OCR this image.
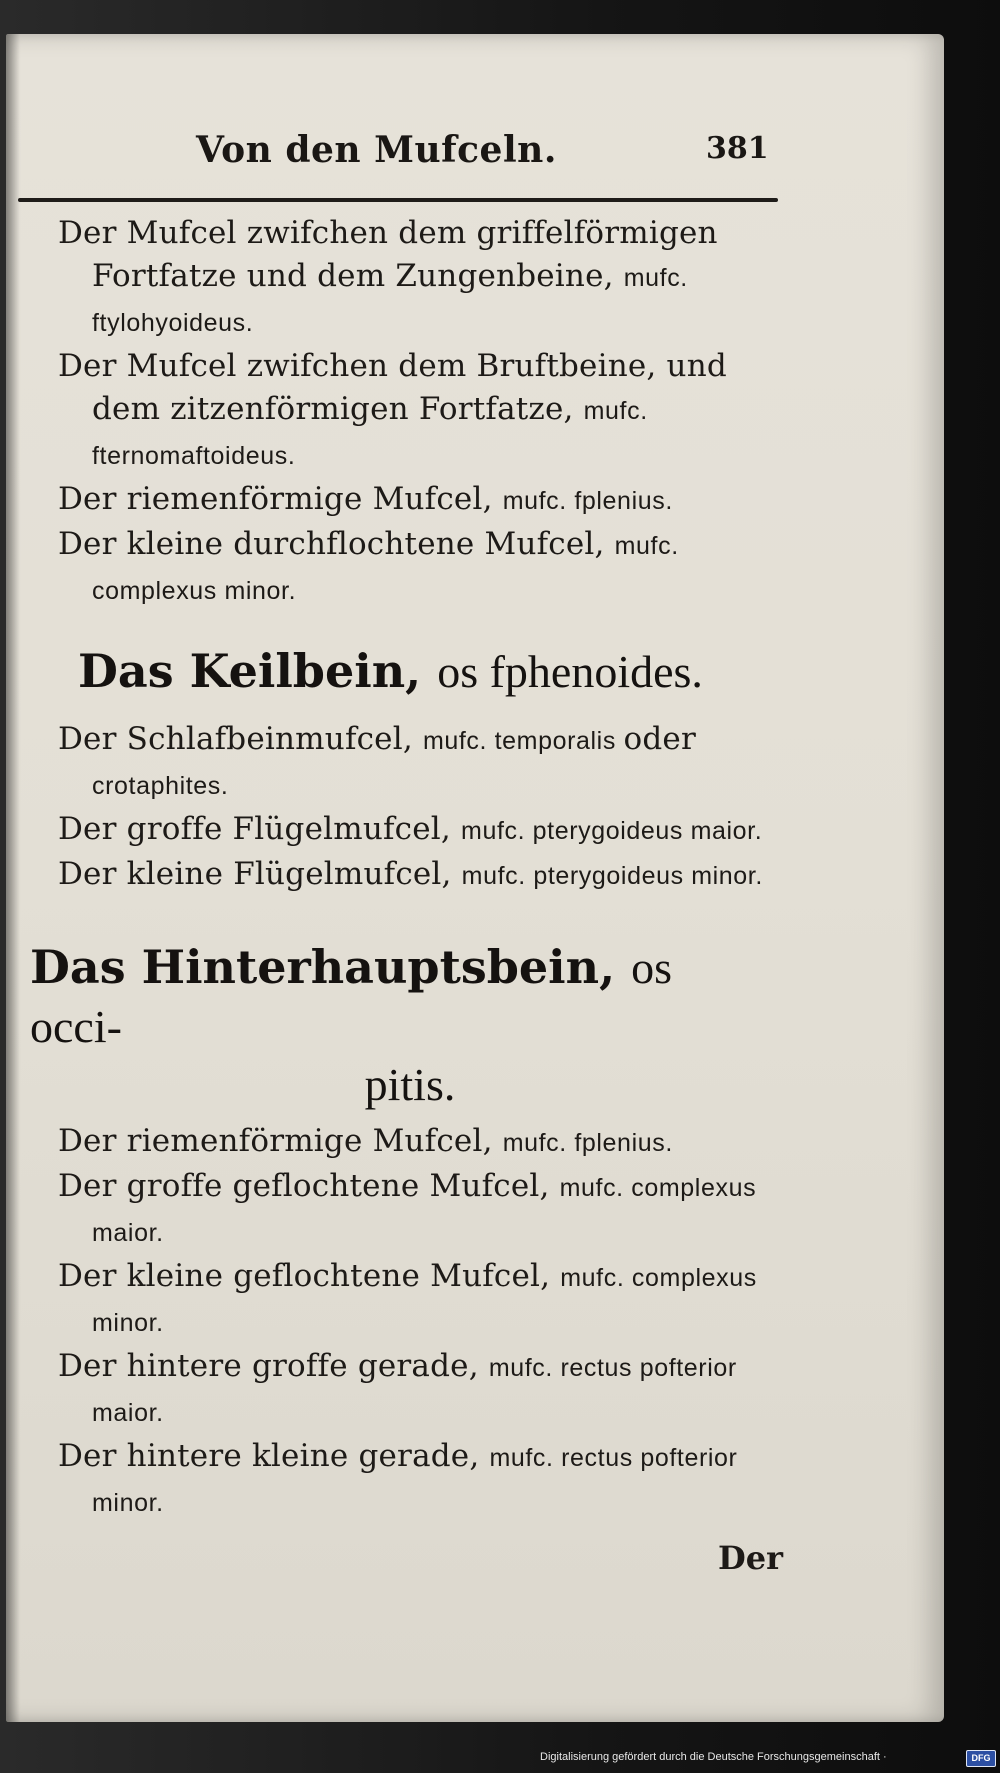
Von den Mufceln.	381

Der Mufcel zwifchen dem griffelförmigen Fortfatze und dem Zungenbeine, mufc. ftylohyoideus.

Der Mufcel zwifchen dem Bruftbeine, und dem zitzenförmigen Fortfatze, mufc. fternomaftoideus.

Der riemenförmige Mufcel, mufc. fplenius.

Der kleine durchflochtene Mufcel, mufc. complexus minor.

Das Keilbein, os fphenoides.

Der Schlafbeinmufcel, mufc. temporalis oder crotaphites.

Der groffe Flügelmufcel, mufc. pterygoideus maior.

Der kleine Flügelmufcel, mufc. pterygoideus minor.

Das Hinterhauptsbein, os occi-
pitis.

Der riemenförmige Mufcel, mufc. fplenius.

Der groffe geflochtene Mufcel, mufc. complexus maior.

Der kleine geflochtene Mufcel, mufc. complexus minor.

Der hintere groffe gerade, mufc. rectus pofterior maior.

Der hintere kleine gerade, mufc. rectus pofterior minor.

Der
Digitalisierung gefördert durch die Deutsche Forschungsgemeinschaft ·	DFG
